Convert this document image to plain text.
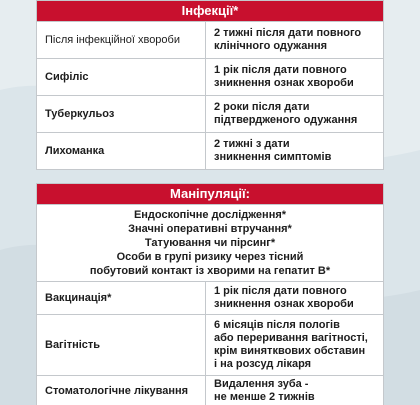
Інфекції*
Після інфекційної хвороби
2 тижні після дати повного
клінічного одужання
Сифіліс
1 рік після дати повного
зникнення ознак хвороби
Туберкульоз
2 роки після дати
підтвердженого одужання
Лихоманка
2 тижні з дати
зникнення симптомів
Маніпуляції:
Ендоскопічне дослідження*
Значні оперативні втручання*
Татуювання чи пірсинг*
Особи в групі ризику через тісний
побутовий контакт із хворими на гепатит В*
Вакцинація*
1 рік після дати повного
зникнення ознак хвороби
Вагітність
6 місяців після пологів
або переривання вагітності,
крім винятквових обставин
і на розсуд лікаря
Стоматологічне лікування
Видалення зуба -
не менше 2 тижнів
